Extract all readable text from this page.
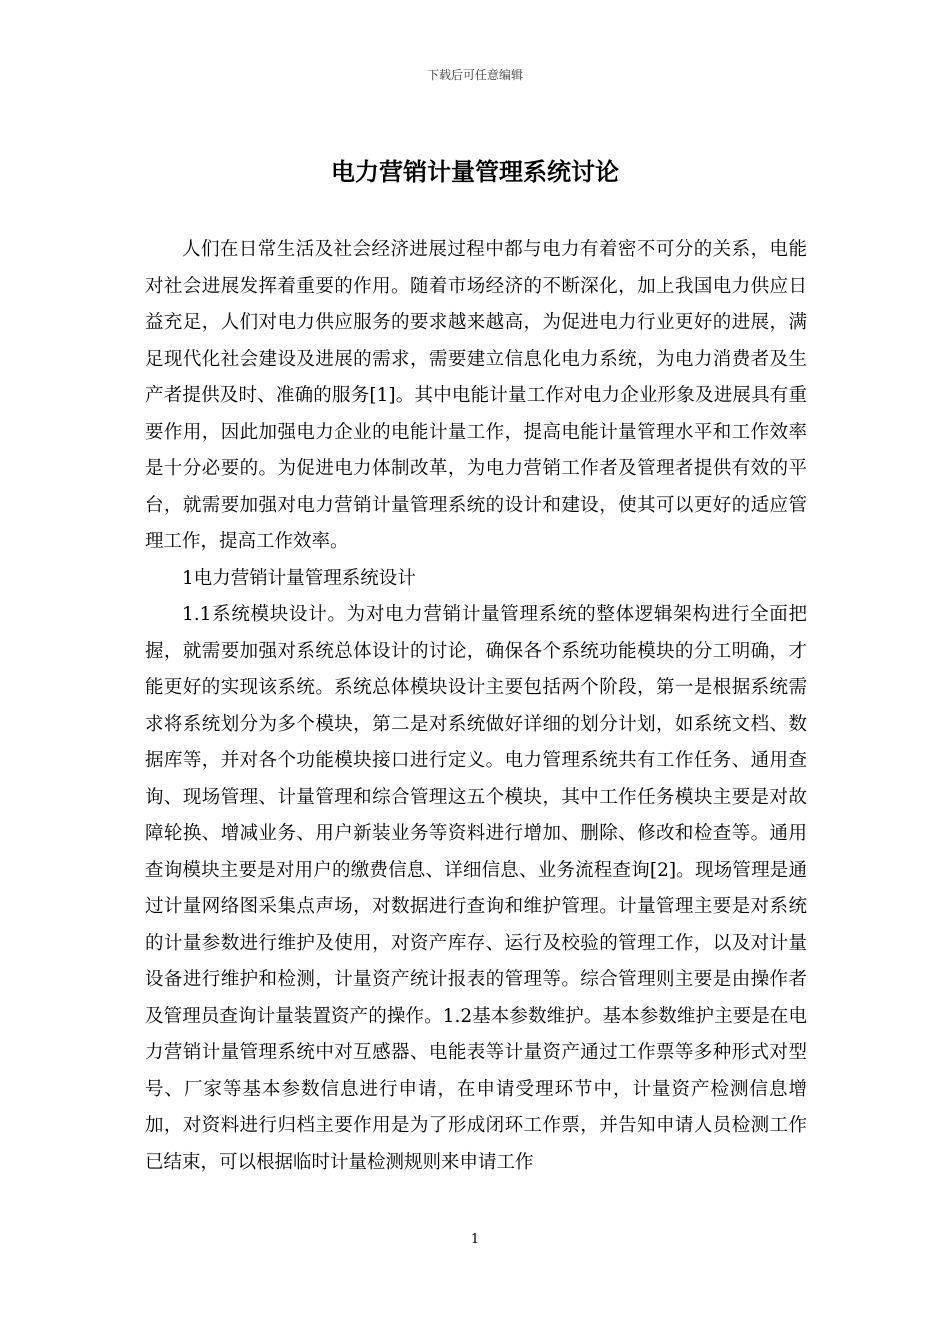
下载后可任意编辑
电力营销计量管理系统讨论

人们在日常生活及社会经济进展过程中都与电力有着密不可分的关系，电能对社会进展发挥着重要的作用。随着市场经济的不断深化，加上我国电力供应日益充足，人们对电力供应服务的要求越来越高，为促进电力行业更好的进展，满足现代化社会建设及进展的需求，需要建立信息化电力系统，为电力消费者及生产者提供及时、准确的服务[1]。其中电能计量工作对电力企业形象及进展具有重要作用，因此加强电力企业的电能计量工作，提高电能计量管理水平和工作效率是十分必要的。为促进电力体制改革，为电力营销工作者及管理者提供有效的平台，就需要加强对电力营销计量管理系统的设计和建设，使其可以更好的适应管理工作，提高工作效率。

1电力营销计量管理系统设计

1.1系统模块设计。为对电力营销计量管理系统的整体逻辑架构进行全面把握，就需要加强对系统总体设计的讨论，确保各个系统功能模块的分工明确，才能更好的实现该系统。系统总体模块设计主要包括两个阶段，第一是根据系统需求将系统划分为多个模块，第二是对系统做好详细的划分计划，如系统文档、数据库等，并对各个功能模块接口进行定义。电力管理系统共有工作任务、通用查询、现场管理、计量管理和综合管理这五个模块，其中工作任务模块主要是对故障轮换、增减业务、用户新装业务等资料进行增加、删除、修改和检查等。通用查询模块主要是对用户的缴费信息、详细信息、业务流程查询[2]。现场管理是通过计量网络图采集点声场，对数据进行查询和维护管理。计量管理主要是对系统的计量参数进行维护及使用，对资产库存、运行及校验的管理工作，以及对计量设备进行维护和检测，计量资产统计报表的管理等。综合管理则主要是由操作者及管理员查询计量装置资产的操作。1.2基本参数维护。基本参数维护主要是在电力营销计量管理系统中对互感器、电能表等计量资产通过工作票等多种形式对型号、厂家等基本参数信息进行申请，在申请受理环节中，计量资产检测信息增加，对资料进行归档主要作用是为了形成闭环工作票，并告知申请人员检测工作已结束，可以根据临时计量检测规则来申请工作

1
